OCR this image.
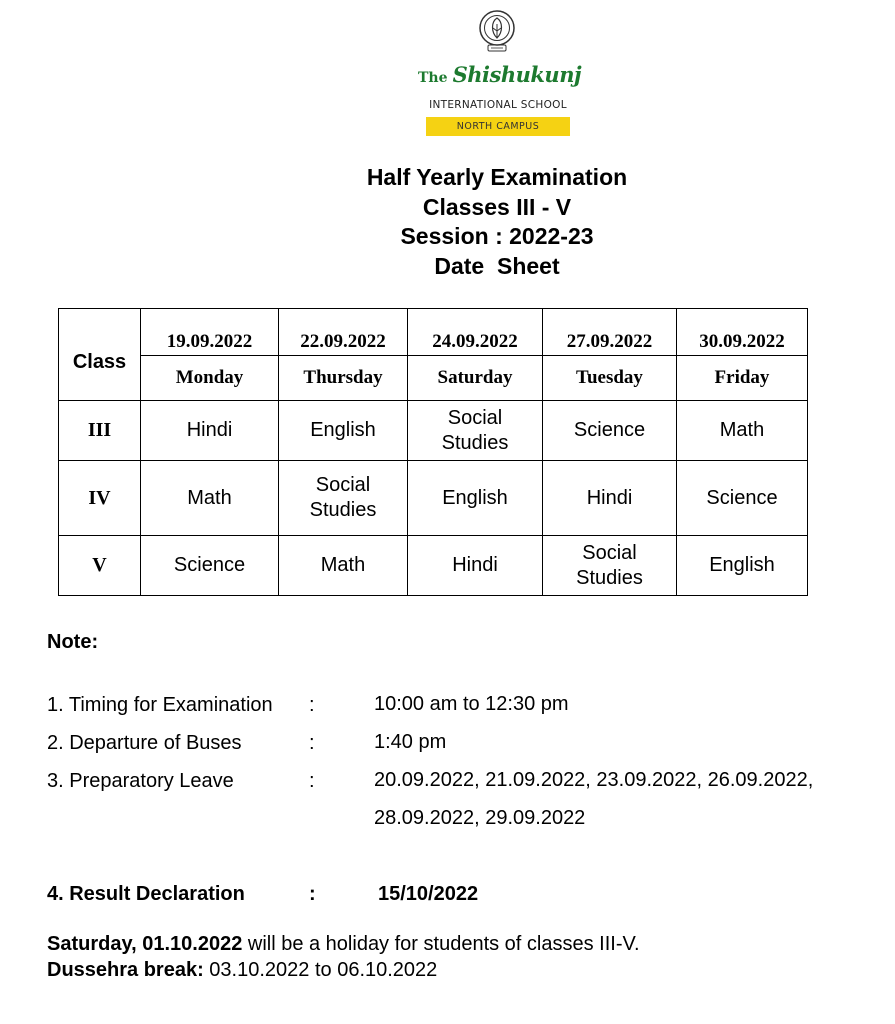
The Shishukunj
INTERNATIONAL SCHOOL
NORTH CAMPUS
Half Yearly Examination
Classes III - V
Session : 2022-23
Date  Sheet
Class	19.09.2022	22.09.2022	24.09.2022	27.09.2022	30.09.2022
	Monday	Thursday	Saturday	Tuesday	Friday
III	Hindi	English	Social Studies	Science	Math
IV	Math	Social Studies	English	Hindi	Science
V	Science	Math	Hindi	Social Studies	English
Note:
1. Timing for Examination :	10:00 am to 12:30 pm
2. Departure of Buses	:	1:40 pm
3. Preparatory Leave	:	20.09.2022, 21.09.2022, 23.09.2022, 26.09.2022, 28.09.2022, 29.09.2022
4. Result Declaration	:	15/10/2022
Saturday, 01.10.2022 will be a holiday for students of classes III-V.
Dussehra break: 03.10.2022 to 06.10.2022
